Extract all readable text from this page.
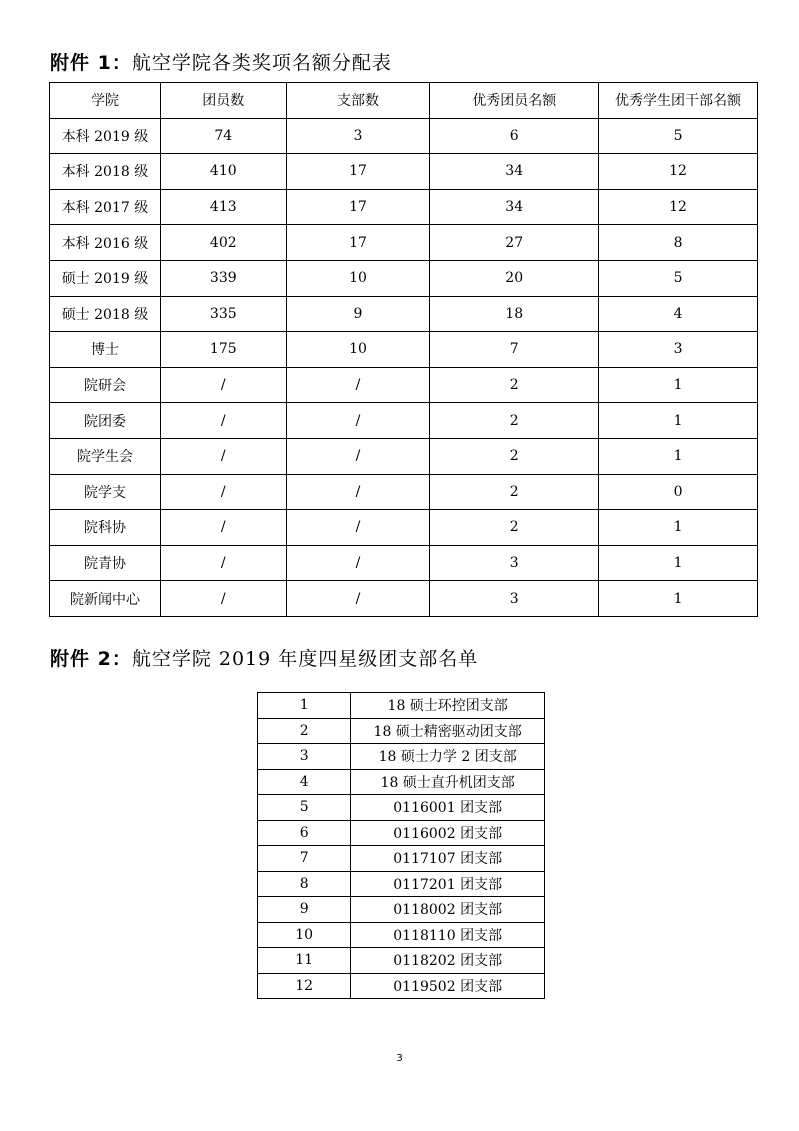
附件 1：航空学院各类奖项名额分配表
学院	团员数	支部数	优秀团员名额	优秀学生团干部名额
本科 2019 级	74	3	6	5
本科 2018 级	410	17	34	12
本科 2017 级	413	17	34	12
本科 2016 级	402	17	27	8
硕士 2019 级	339	10	20	5
硕士 2018 级	335	9	18	4
博士	175	10	7	3
院研会	/	/	2	1
院团委	/	/	2	1
院学生会	/	/	2	1
院学支	/	/	2	0
院科协	/	/	2	1
院青协	/	/	3	1
院新闻中心	/	/	3	1
附件 2：航空学院 2019 年度四星级团支部名单
1	18 硕士环控团支部
2	18 硕士精密驱动团支部
3	18 硕士力学 2 团支部
4	18 硕士直升机团支部
5	0116001 团支部
6	0116002 团支部
7	0117107 团支部
8	0117201 团支部
9	0118002 团支部
10	0118110 团支部
11	0118202 团支部
12	0119502 团支部
3
